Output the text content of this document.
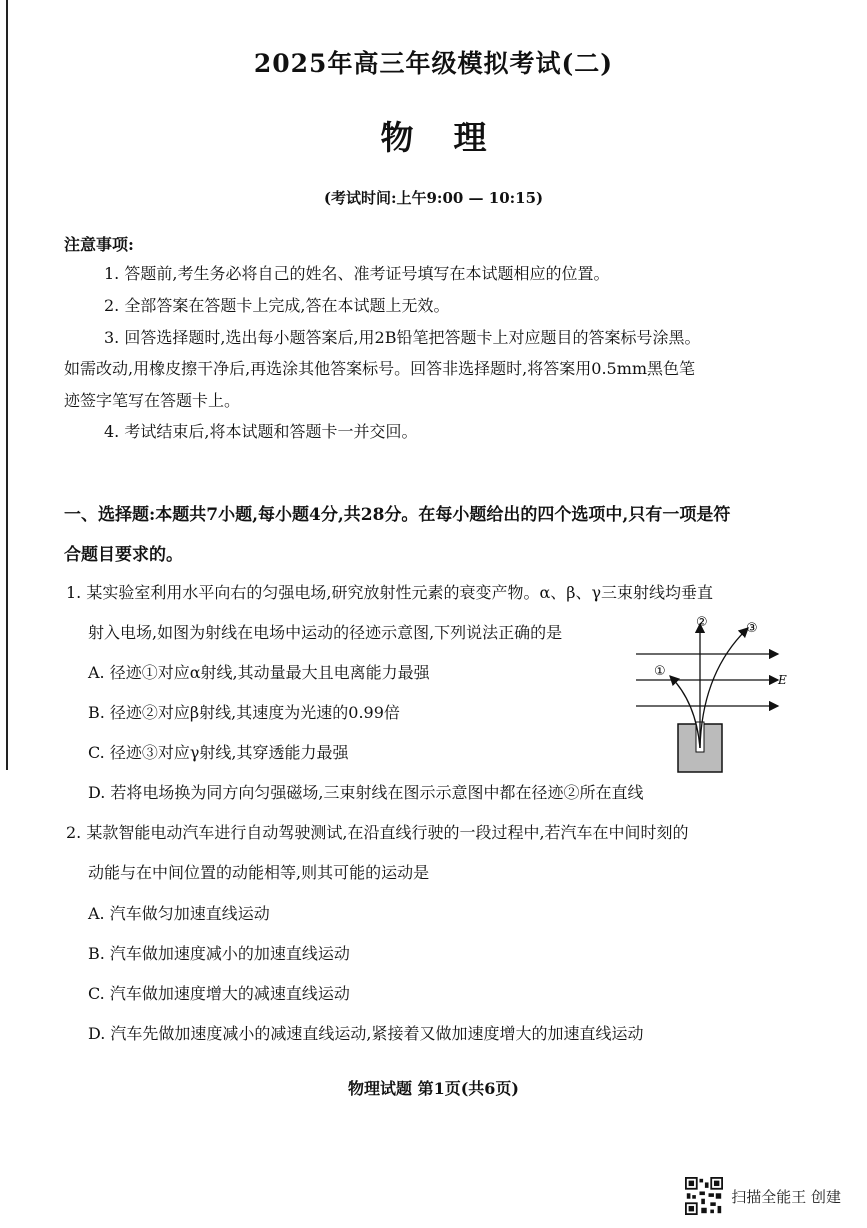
2025年高三年级模拟考试(二)
物理
(考试时间:上午9:00 — 10:15)
注意事项:
1. 答题前,考生务必将自己的姓名、准考证号填写在本试题相应的位置。
2. 全部答案在答题卡上完成,答在本试题上无效。
3. 回答选择题时,选出每小题答案后,用2B铅笔把答题卡上对应题目的答案标号涂黑。
如需改动,用橡皮擦干净后,再选涂其他答案标号。回答非选择题时,将答案用0.5mm黑色笔
迹签字笔写在答题卡上。
4. 考试结束后,将本试题和答题卡一并交回。
一、选择题:本题共7小题,每小题4分,共28分。在每小题给出的四个选项中,只有一项是符
合题目要求的。
1. 某实验室利用水平向右的匀强电场,研究放射性元素的衰变产物。α、β、γ三束射线均垂直
射入电场,如图为射线在电场中运动的径迹示意图,下列说法正确的是
A. 径迹①对应α射线,其动量最大且电离能力最强
B. 径迹②对应β射线,其速度为光速的0.99倍
C. 径迹③对应γ射线,其穿透能力最强
D. 若将电场换为同方向匀强磁场,三束射线在图示示意图中都在径迹②所在直线
E
②	③
①
2. 某款智能电动汽车进行自动驾驶测试,在沿直线行驶的一段过程中,若汽车在中间时刻的
动能与在中间位置的动能相等,则其可能的运动是
A. 汽车做匀加速直线运动
B. 汽车做加速度减小的加速直线运动
C. 汽车做加速度增大的减速直线运动
D. 汽车先做加速度减小的减速直线运动,紧接着又做加速度增大的加速直线运动
物理试题 第1页(共6页)
扫描全能王 创建
